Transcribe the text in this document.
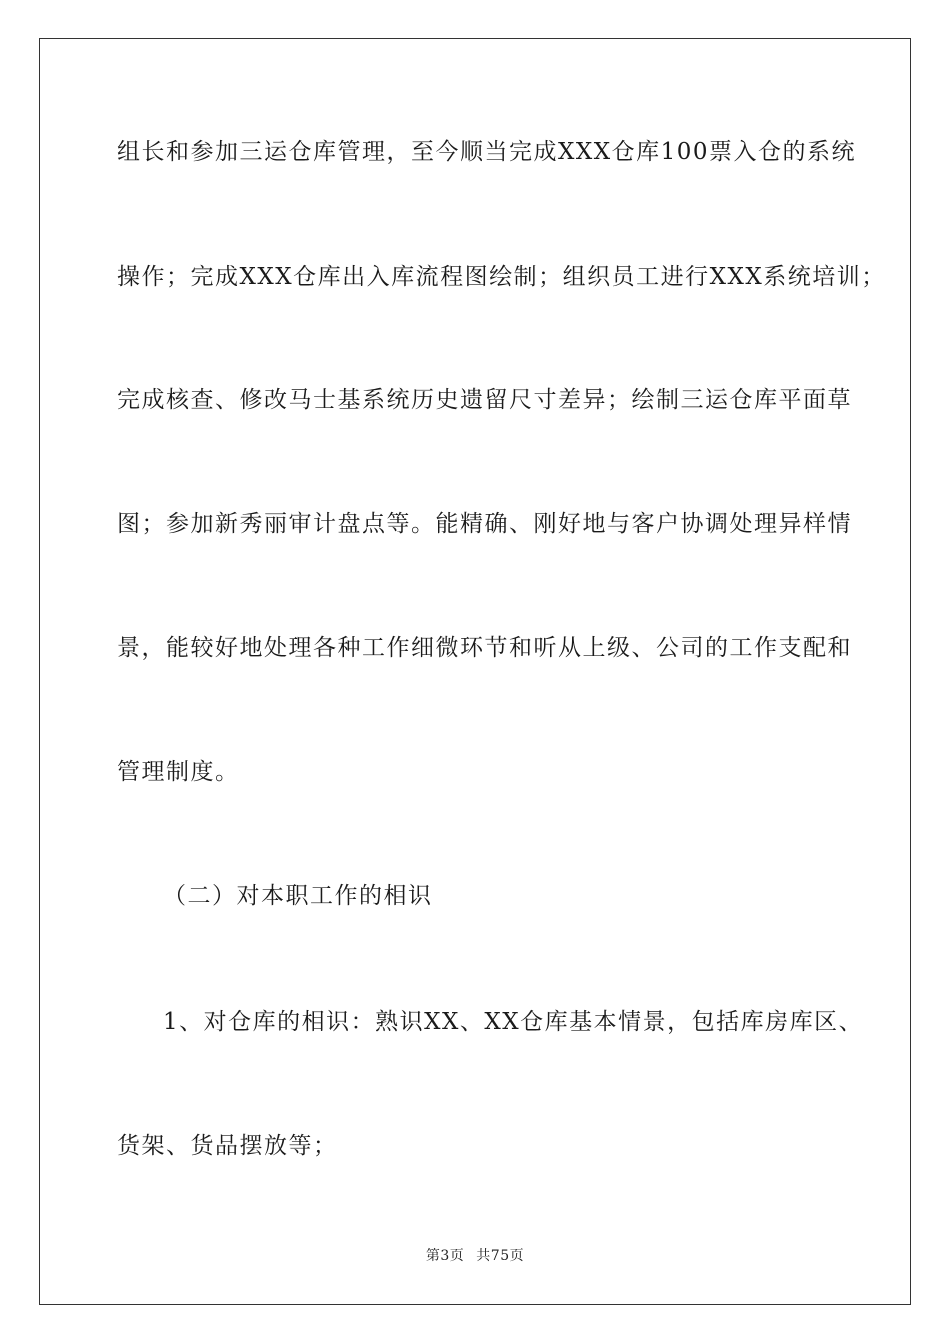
组长和参加三运仓库管理，至今顺当完成XXX仓库100票入仓的系统
操作；完成XXX仓库出入库流程图绘制；组织员工进行XXX系统培训；
完成核查、修改马士基系统历史遗留尺寸差异；绘制三运仓库平面草
图；参加新秀丽审计盘点等。能精确、刚好地与客户协调处理异样情
景，能较好地处理各种工作细微环节和听从上级、公司的工作支配和
管理制度。
（二）对本职工作的相识
1、对仓库的相识：熟识XX、XX仓库基本情景，包括库房库区、
货架、货品摆放等；
第3页 共75页
